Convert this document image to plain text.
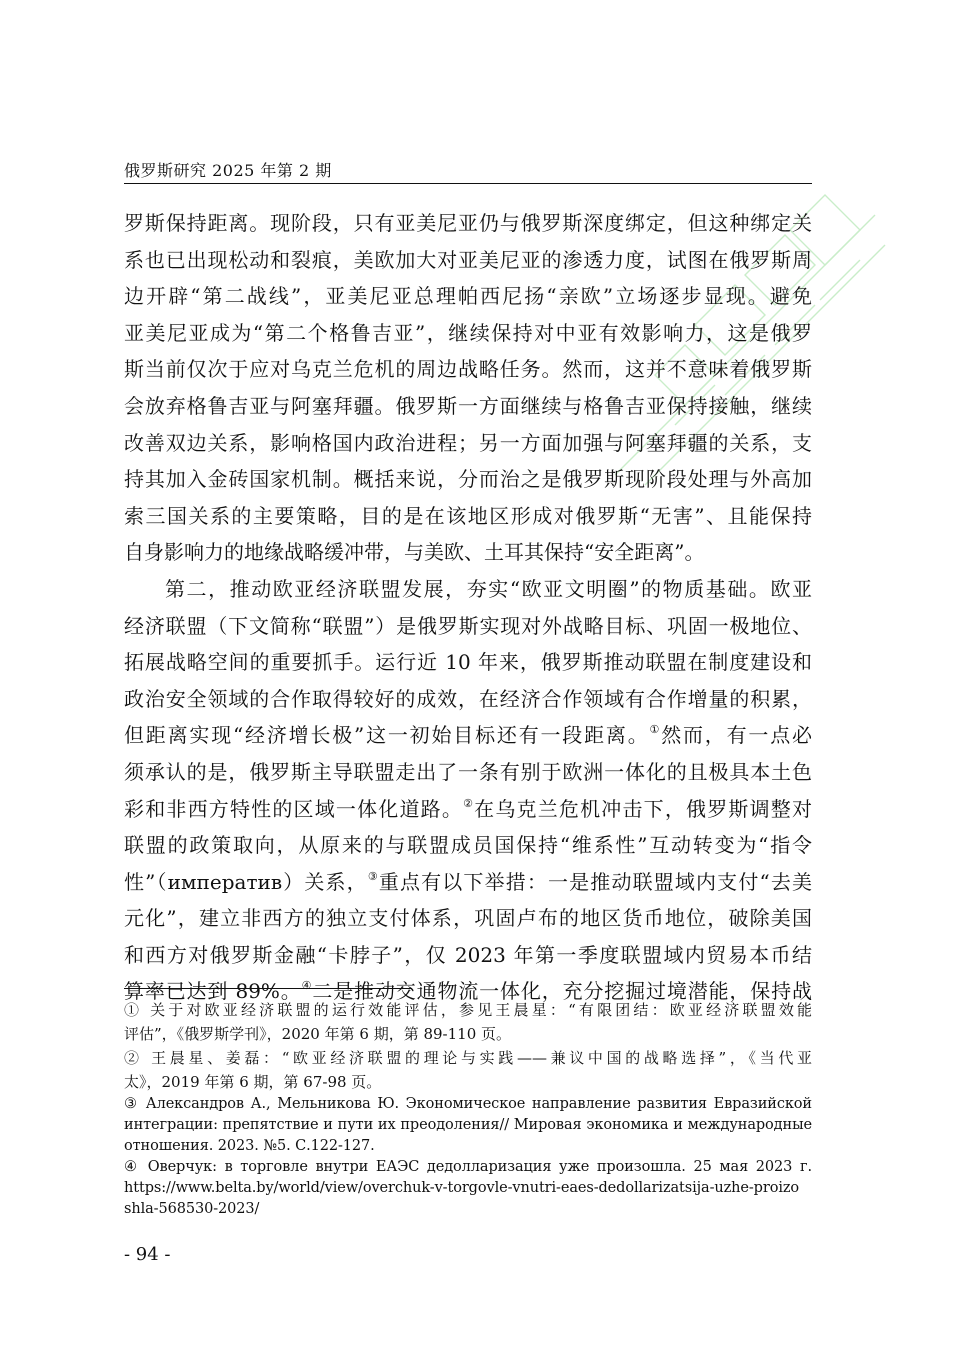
俄罗斯研究 2025 年第 2 期
罗斯保持距离。现阶段，只有亚美尼亚仍与俄罗斯深度绑定，但这种绑定关
系也已出现松动和裂痕，美欧加大对亚美尼亚的渗透力度，试图在俄罗斯周
边开辟“第二战线”，亚美尼亚总理帕西尼扬“亲欧”立场逐步显现。避免
亚美尼亚成为“第二个格鲁吉亚”，继续保持对中亚有效影响力，这是俄罗
斯当前仅次于应对乌克兰危机的周边战略任务。然而，这并不意味着俄罗斯
会放弃格鲁吉亚与阿塞拜疆。俄罗斯一方面继续与格鲁吉亚保持接触，继续
改善双边关系，影响格国内政治进程；另一方面加强与阿塞拜疆的关系，支
持其加入金砖国家机制。概括来说，分而治之是俄罗斯现阶段处理与外高加
索三国关系的主要策略，目的是在该地区形成对俄罗斯“无害”、且能保持
自身影响力的地缘战略缓冲带，与美欧、土耳其保持“安全距离”。
第二，推动欧亚经济联盟发展，夯实“欧亚文明圈”的物质基础。欧亚
经济联盟（下文简称“联盟”）是俄罗斯实现对外战略目标、巩固一极地位、
拓展战略空间的重要抓手。运行近 10 年来，俄罗斯推动联盟在制度建设和
政治安全领域的合作取得较好的成效，在经济合作领域有合作增量的积累，
但距离实现“经济增长极”这一初始目标还有一段距离。①然而，有一点必
须承认的是，俄罗斯主导联盟走出了一条有别于欧洲一体化的且极具本土色
彩和非西方特性的区域一体化道路。②在乌克兰危机冲击下，俄罗斯调整对
联盟的政策取向，从原来的与联盟成员国保持“维系性”互动转变为“指令
性”（императив）关系，③重点有以下举措：一是推动联盟域内支付“去美
元化”，建立非西方的独立支付体系，巩固卢布的地区货币地位，破除美国
和西方对俄罗斯金融“卡脖子”，仅 2023 年第一季度联盟域内贸易本币结
算率已达到 89%。④二是推动交通物流一体化，充分挖掘过境潜能，保持战
① 关于对欧亚经济联盟的运行效能评估，参见王晨星：“有限团结：欧亚经济联盟效能
评估”，《俄罗斯学刊》，2020 年第 6 期，第 89-110 页。
② 王晨星、姜磊：“欧亚经济联盟的理论与实践——兼议中国的战略选择”，《当代亚
太》，2019 年第 6 期，第 67-98 页。
③ Александров А., Мельникова Ю. Экономическое направление развития Евразийской
интеграции: препятствие и пути их преодоления// Мировая экономика и международные
отношения. 2023. №5. С.122-127.
④ Оверчук: в торговле внутри ЕАЭС дедолларизация уже произошла. 25 мая 2023 г.
https://www.belta.by/world/view/overchuk-v-torgovle-vnutri-eaes-dedollarizatsija-uzhe-proizo
shla-568530-2023/
- 94 -
